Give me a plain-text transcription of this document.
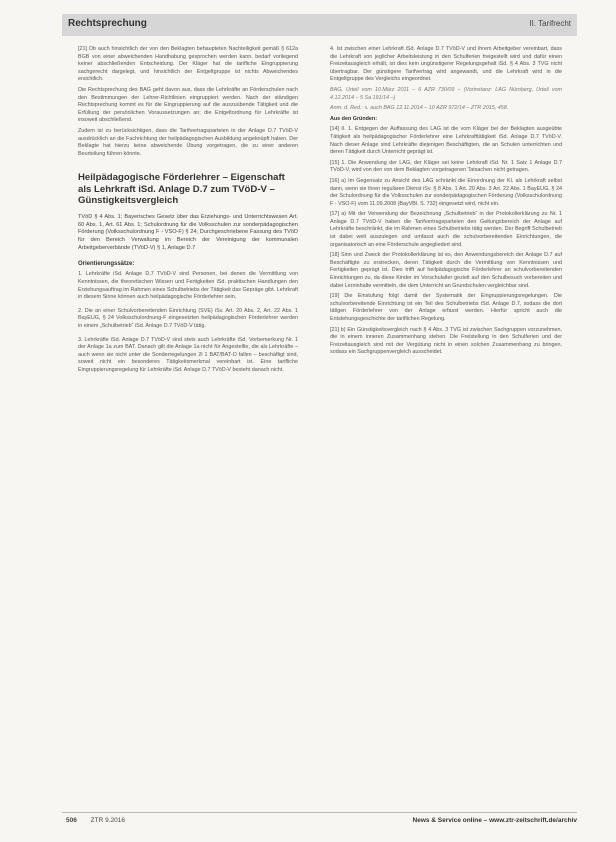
Rechtsprechung	II. Tarifrecht

[21] Ob auch hinsichtlich der von den Beklagten behaupteten Nachteiligkeit gemäß § 612a BGB von einer abweichenden Handhabung gesprochen werden kann, bedarf vorliegend keiner abschließenden Entscheidung. Der Kläger hat die tarifliche Eingruppierung sachgerecht dargelegt, und hinsichtlich der Entgeltgruppe ist nichts Abweichendes ersichtlich.

Die Rechtsprechung des BAG geht davon aus, dass die Lehrkräfte an Förderschulen nach den Bestimmungen der Lehrer-Richtlinien eingruppiert werden. Nach der ständigen Rechtsprechung kommt es für die Eingruppierung auf die auszuübende Tätigkeit und die Erfüllung der persönlichen Voraussetzungen an; die Entgeltordnung für Lehrkräfte ist insoweit abschließend.

Zudem ist zu berücksichtigen, dass die Tarifvertragsparteien in der Anlage D.7 TVöD-V ausdrücklich an die Fachrichtung der heilpädagogischen Ausbildung angeknüpft haben. Der Beklagte hat hierzu keine abweichende Übung vorgetragen, die zu einer anderen Beurteilung führen könnte.

Heilpädagogische Förderlehrer – Eigenschaft als Lehrkraft iSd. Anlage D.7 zum TVöD-V – Günstigkeitsvergleich
TVöD § 4 Abs. 1; Bayerisches Gesetz über das Erziehungs- und Unterrichtswesen Art. 60 Abs. 1, Art. 61 Abs. 1; Schulordnung für die Volksschulen zur sonderpädagogischen Förderung (Volksschulordnung F - VSO-F) § 24; Durchgeschriebene Fassung des TVöD für den Bereich Verwaltung im Bereich der Vereinigung der kommunalen Arbeitgeberverbände (TVöD-V) § 1, Anlage D.7
Orientierungssätze:

1. Lehrkräfte iSd. Anlage D.7 TVöD-V sind Personen, bei denen die Vermittlung von Kenntnissen, die theoretischen Wissen und Fertigkeiten iSd. praktischen Handlungen den Erziehungsauftrag im Rahmen eines Schulbetriebs der Tätigkeit das Gepräge gibt. Lehrkraft in diesem Sinne können auch heilpädagogische Förderlehrer sein.

2. Die an einer Schulvorbereitenden Einrichtung (SVE) iSv. Art. 20 Abs. 2, Art. 22 Abs. 1 BayEUG, § 24 Volksschulordnung-F eingesetzten heilpädagogischen Förderlehrer werden in einem „Schulbetrieb“ iSd. Anlage D.7 TVöD-V tätig.

3. Lehrkräfte iSd. Anlage D.7 TVöD-V sind stets auch Lehrkräfte iSd. Vorbemerkung Nr. 1 der Anlage 1a zum BAT. Danach gilt die Anlage 1a nicht für Angestellte, die als Lehrkräfte – auch wenn sie nicht unter die Sonderregelungen 2l 1 BAT/BAT-O fallen – beschäftigt sind, soweit nicht ein besonderes Tätigkeitsmerkmal vereinbart ist. Eine tarifliche Eingruppierungsregelung für Lehrkräfte iSd. Anlage D.7 TVöD-V besteht danach nicht.

4. Ist zwischen einer Lehrkraft iSd. Anlage D.7 TVöD-V und ihrem Arbeitgeber vereinbart, dass die Lehrkraft von jeglicher Arbeitsleistung in den Schulferien freigestellt wird und dafür einen Freizeitausgleich erhält, ist dies kein ungünstigerer Regelungsgehalt iSd. § 4 Abs. 3 TVG nicht übertragbar. Der günstigere Tarifvertrag wird angewandt, und die Lehrkraft wird in die Entgeltgruppe des Vergleichs eingeordnet.

BAG, Urteil vom 10.März 2011 – 6 AZR 730/09 – (Vorinstanz: LAG Nürnberg, Urteil vom 4.12.2014 – 5 Sa 191/14 –)

Anm. d. Red.: s. auch BAG 12.11.2014 – 10 AZR 972/14 – ZTR 2015, 458.

Aus den Gründen:

[14] II. 1. Entgegen der Auffassung des LAG ist die vom Kläger bei der Beklagten ausgeübte Tätigkeit als heilpädagogischer Förderlehrer eine Lehrkrafttätigkeit iSd. Anlage D.7 TVöD-V. Nach dieser Anlage sind Lehrkräfte diejenigen Beschäftigten, die an Schulen unterrichten und deren Tätigkeit durch Unterricht geprägt ist.

[15] 1. Die Anwendung der LAG, der Kläger sei keine Lehrkraft iSd. Nr. 1 Satz 1 Anlage D.7 TVöD-V, wird von den von dem Beklagten vorgetragenen Tatsachen nicht getragen.

[16] a) Im Gegensatz zu Ansicht des LAG schränkt die Einordnung der Kl. als Lehrkraft selbst dann, wenn sie ihren regulären Dienst iSv. § 8 Abs. 1 Art. 20 Abs. 3 Art. 22 Abs. 1 BayEUG, § 24 der Schulordnung für die Volksschulen zur sonderpädagogischen Förderung (Volksschulordnung F - VSO-F) vom 11.09.2008 (BayVBl. S. 732) eingesetzt wird, nicht ein.

[17] a) Mit der Verwendung der Bezeichnung „Schulbetrieb“ in der Protokollerklärung zu Nr. 1 Anlage D.7 TVöD-V haben die Tarifvertragsparteien den Geltungsbereich der Anlage auf Lehrkräfte beschränkt, die im Rahmen eines Schulbetriebs tätig werden. Der Begriff Schulbetrieb ist dabei weit auszulegen und umfasst auch die schulvorbereitenden Einrichtungen, die organisatorisch an eine Förderschule angegliedert sind.

[18] Sinn und Zweck der Protokollerklärung ist es, den Anwendungsbereich der Anlage D.7 auf Beschäftigte zu erstrecken, deren Tätigkeit durch die Vermittlung von Kenntnissen und Fertigkeiten geprägt ist. Dies trifft auf heilpädagogische Förderlehrer an schulvorbereitenden Einrichtungen zu, da diese Kinder im Vorschulalter gezielt auf den Schulbesuch vorbereiten und dabei Lerninhalte vermitteln, die dem Unterricht an Grundschulen vergleichbar sind.

[19] Die Einstufung folgt damit der Systematik der Eingruppierungsregelungen. Die schulvorbereitende Einrichtung ist ein Teil des Schulbetriebs iSd. Anlage D.7, sodass die dort tätigen Förderlehrer von der Anlage erfasst werden. Hierfür spricht auch die Entstehungsgeschichte der tariflichen Regelung.

[21] b) Ein Günstigkeitsvergleich nach § 4 Abs. 3 TVG ist zwischen Sachgruppen vorzunehmen, die in einem inneren Zusammenhang stehen. Die Freistellung in den Schulferien und der Freizeitausgleich sind mit der Vergütung nicht in einen solchen Zusammenhang zu bringen, sodass ein Sachgruppenvergleich ausscheidet.

506 ZTR 9.2016	News & Service online – www.ztr-zeitschrift.de/archiv
